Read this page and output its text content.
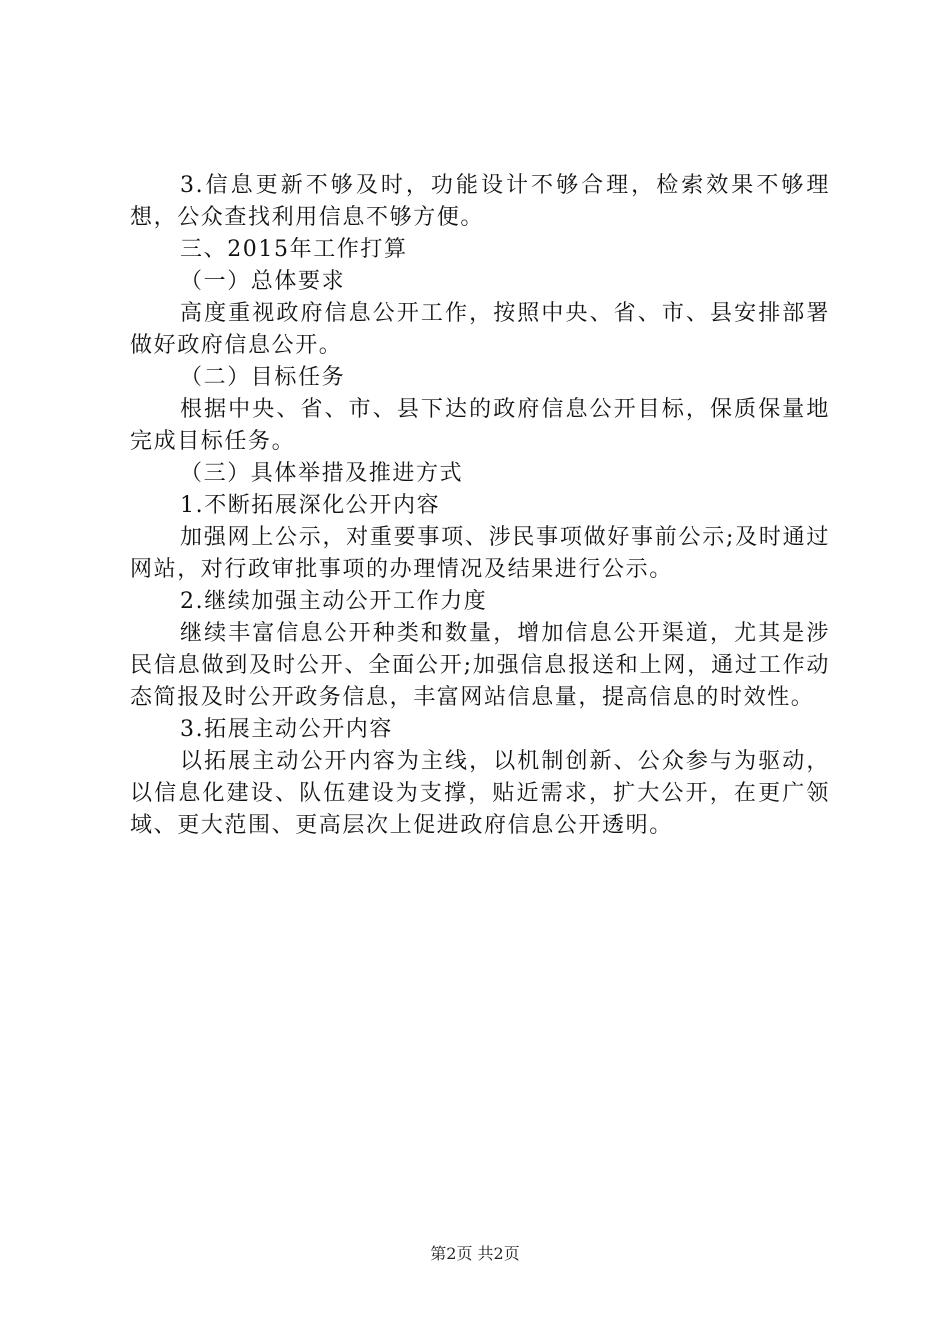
3.信息更新不够及时，功能设计不够合理，检索效果不够理想，公众查找利用信息不够方便。

三、2015年工作打算

（一）总体要求

高度重视政府信息公开工作，按照中央、省、市、县安排部署做好政府信息公开。

（二）目标任务

根据中央、省、市、县下达的政府信息公开目标，保质保量地完成目标任务。

（三）具体举措及推进方式

1.不断拓展深化公开内容

加强网上公示，对重要事项、涉民事项做好事前公示;及时通过网站，对行政审批事项的办理情况及结果进行公示。

2.继续加强主动公开工作力度

继续丰富信息公开种类和数量，增加信息公开渠道，尤其是涉民信息做到及时公开、全面公开;加强信息报送和上网，通过工作动态简报及时公开政务信息，丰富网站信息量，提高信息的时效性。

3.拓展主动公开内容

以拓展主动公开内容为主线，以机制创新、公众参与为驱动，以信息化建设、队伍建设为支撑，贴近需求，扩大公开，在更广领域、更大范围、更高层次上促进政府信息公开透明。

第2页 共2页
